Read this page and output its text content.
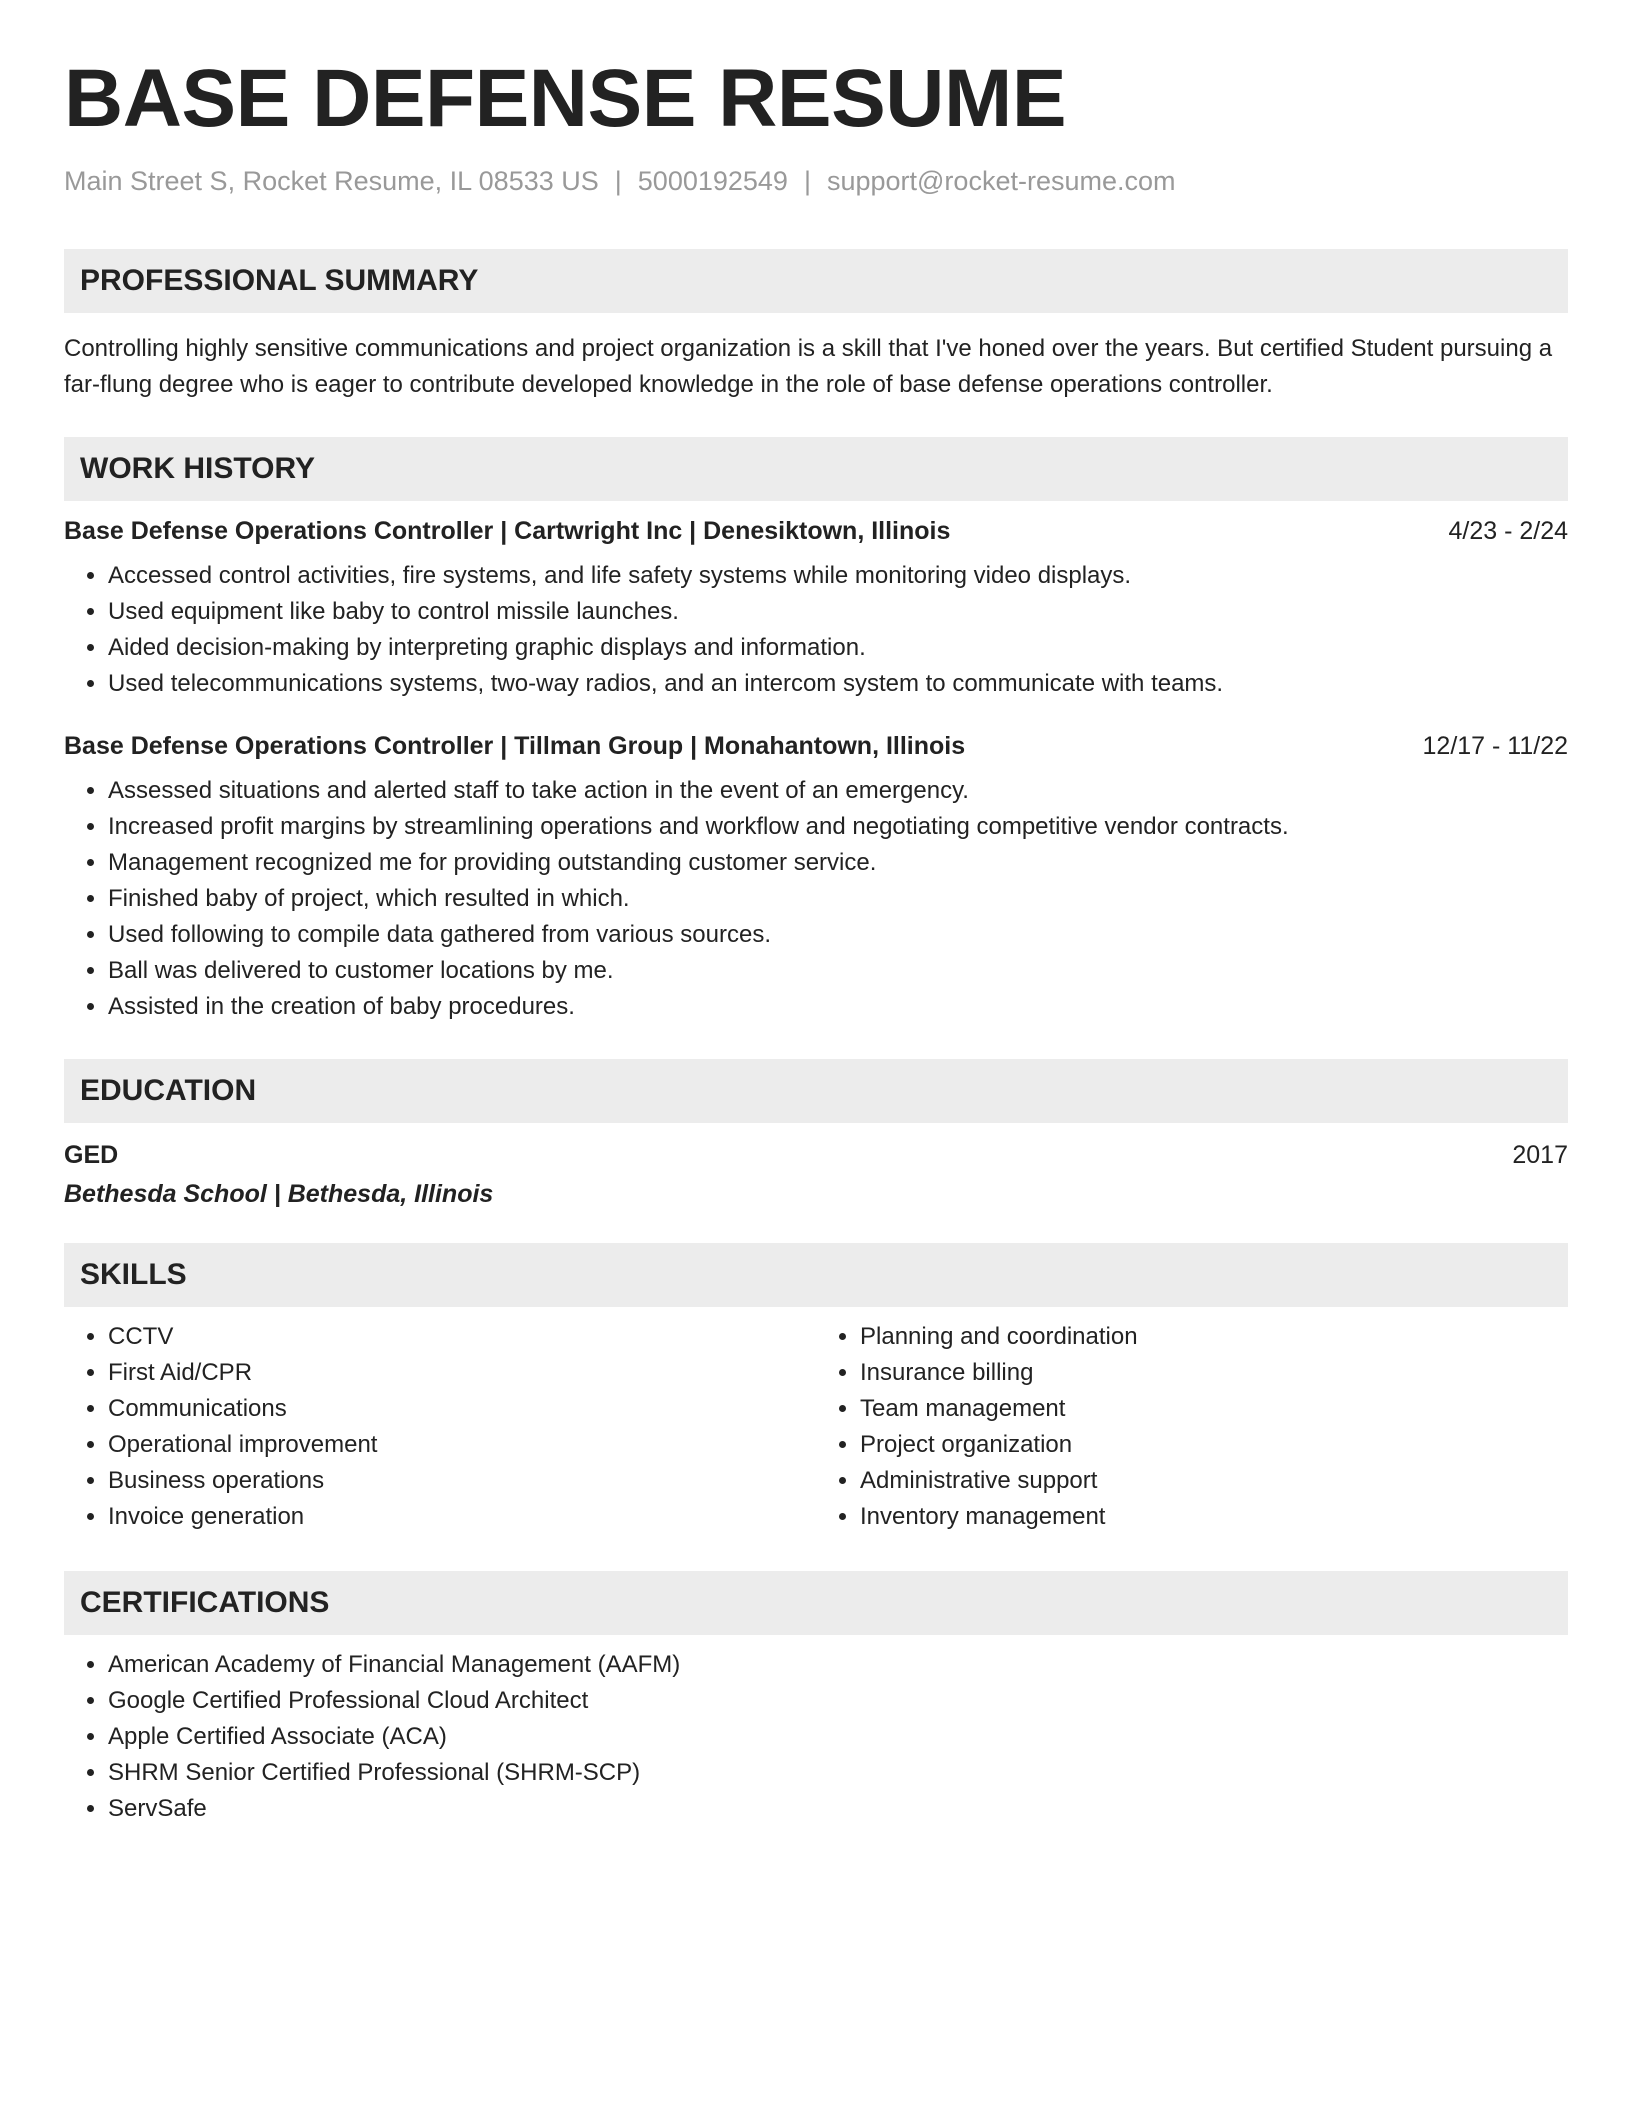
BASE DEFENSE RESUME
Main Street S, Rocket Resume, IL 08533 US | 5000192549 | support@rocket-resume.com
PROFESSIONAL SUMMARY
Controlling highly sensitive communications and project organization is a skill that I've honed over the years. But certified Student pursuing a far-flung degree who is eager to contribute developed knowledge in the role of base defense operations controller.
WORK HISTORY
Base Defense Operations Controller | Cartwright Inc | Denesiktown, Illinois	4/23 - 2/24
• Accessed control activities, fire systems, and life safety systems while monitoring video displays.
• Used equipment like baby to control missile launches.
• Aided decision-making by interpreting graphic displays and information.
• Used telecommunications systems, two-way radios, and an intercom system to communicate with teams.
Base Defense Operations Controller | Tillman Group | Monahantown, Illinois	12/17 - 11/22
• Assessed situations and alerted staff to take action in the event of an emergency.
• Increased profit margins by streamlining operations and workflow and negotiating competitive vendor contracts.
• Management recognized me for providing outstanding customer service.
• Finished baby of project, which resulted in which.
• Used following to compile data gathered from various sources.
• Ball was delivered to customer locations by me.
• Assisted in the creation of baby procedures.
EDUCATION
GED	2017
Bethesda School | Bethesda, Illinois
SKILLS
• CCTV
• First Aid/CPR
• Communications
• Operational improvement
• Business operations
• Invoice generation
• Planning and coordination
• Insurance billing
• Team management
• Project organization
• Administrative support
• Inventory management
CERTIFICATIONS
• American Academy of Financial Management (AAFM)
• Google Certified Professional Cloud Architect
• Apple Certified Associate (ACA)
• SHRM Senior Certified Professional (SHRM-SCP)
• ServSafe
